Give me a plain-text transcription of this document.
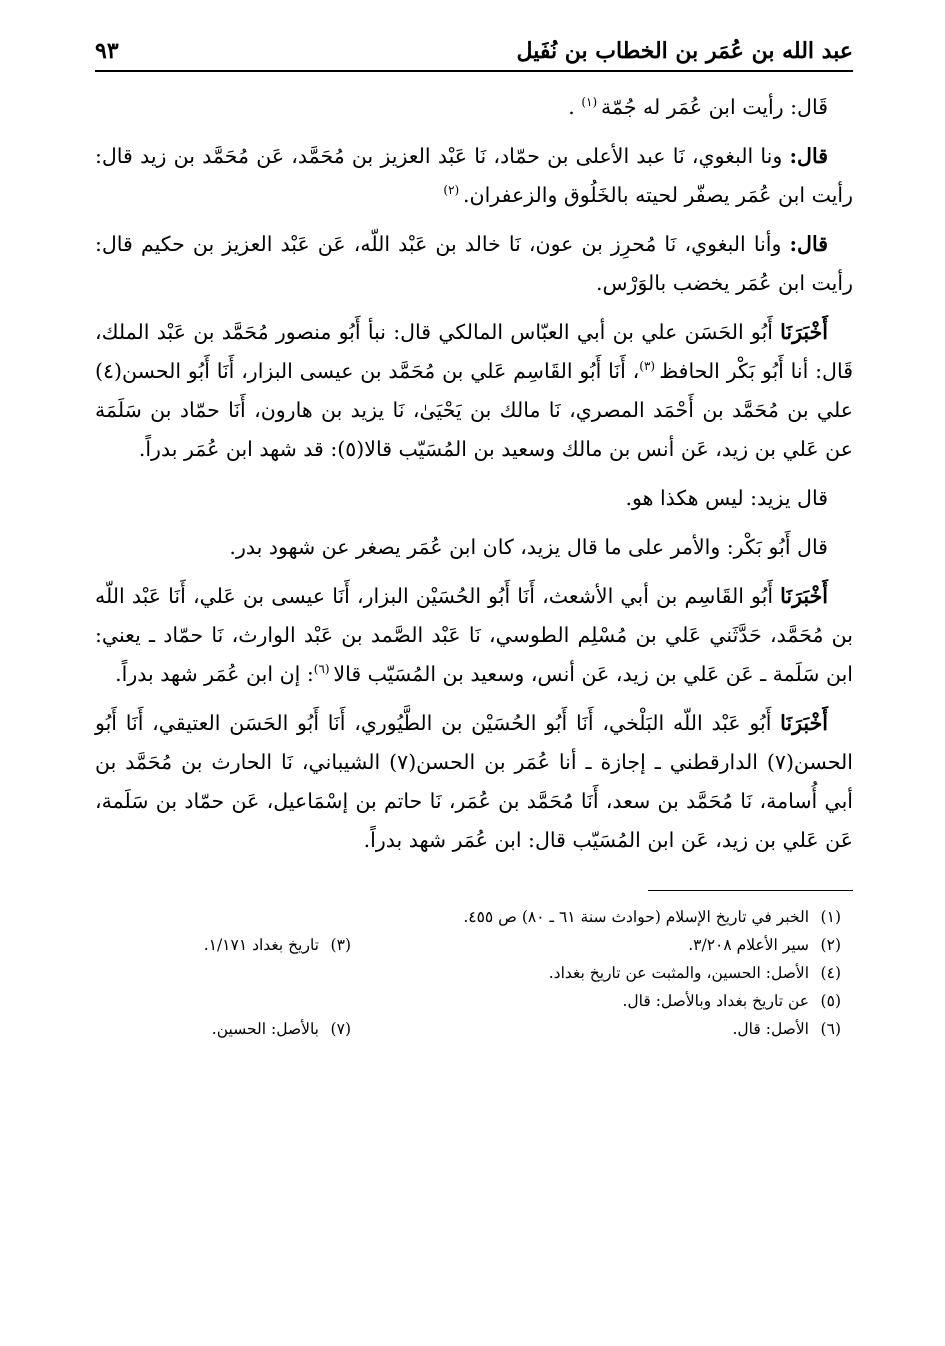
عبد الله بن عُمَر بن الخطاب بن نُفَيل
٩٣

قَال: رأيت ابن عُمَر له جُمّة $^{(١)}$ .

قال: ونا البغوي، نَا عبد الأعلى بن حمّاد، نَا عَبْد العزيز بن مُحَمَّد، عَن مُحَمَّد بن زيد قال: رأيت ابن عُمَر يصفّر لحيته بالخَلُوق والزعفران. $^{(٢)}$

قال: وأنا البغوي، نَا مُحرِز بن عون، نَا خالد بن عَبْد اللّه، عَن عَبْد العزيز بن حكيم قال: رأيت ابن عُمَر يخضب بالوَرْس.

أَخْبَرَنَا أَبُو الحَسَن علي بن أبي العبّاس المالكي قال: نبأ أَبُو منصور مُحَمَّد بن عَبْد الملك، قَال: أنا أَبُو بَكْر الحافظ $^{(٣)}$، أَنَا أَبُو القَاسِم عَلي بن مُحَمَّد بن عيسى البزار، أَنَا أَبُو الحسن(٤) علي بن مُحَمَّد بن أَحْمَد المصري، نَا مالك بن يَحْيَىٰ، نَا يزيد بن هارون، أَنَا حمّاد بن سَلَمَة عن عَلي بن زيد، عَن أنس بن مالك وسعيد بن المُسَيّب قالا(٥): قد شهد ابن عُمَر بدراً.

قال يزيد: ليس هكذا هو.

قال أَبُو بَكْر: والأمر على ما قال يزيد، كان ابن عُمَر يصغر عن شهود بدر.

أَخْبَرَنَا أَبُو القَاسِم بن أبي الأشعث، أَنَا أَبُو الحُسَيْن البزار، أَنَا عيسى بن عَلي، أَنَا عَبْد اللّه بن مُحَمَّد، حَدَّثَني عَلي بن مُسْلِم الطوسي، نَا عَبْد الصَّمد بن عَبْد الوارث، نَا حمّاد ـ يعني: ابن سَلَمة ـ عَن عَلي بن زيد، عَن أنس، وسعيد بن المُسَيّب قالا $^{(٦)}$: إن ابن عُمَر شهد بدراً.

أَخْبَرَنَا أَبُو عَبْد اللّه البَلْخي، أَنَا أَبُو الحُسَيْن بن الطَّيُوري، أَنَا أَبُو الحَسَن العتيقي، أَنَا أَبُو الحسن(٧) الدارقطني ـ إجازة ـ أنا عُمَر بن الحسن(٧) الشيباني، نَا الحارث بن مُحَمَّد بن أبي أُسامة، نَا مُحَمَّد بن سعد، أَنَا مُحَمَّد بن عُمَر، نَا حاتم بن إسْمَاعيل، عَن حمّاد بن سَلَمة، عَن عَلي بن زيد، عَن ابن المُسَيّب قال: ابن عُمَر شهد بدراً.

(١)
الخبر في تاريخ الإسلام (حوادث سنة ٦١ ـ ٨٠) ص ٤٥٥.
(٢)
سير الأعلام ٣/٢٠٨.
(٣)
تاريخ بغداد ١/١٧١.
(٤)
الأصل: الحسين، والمثبت عن تاريخ بغداد.
(٥)
عن تاريخ بغداد وبالأصل: قال.
(٦)
الأصل: قال.
(٧)
بالأصل: الحسين.
